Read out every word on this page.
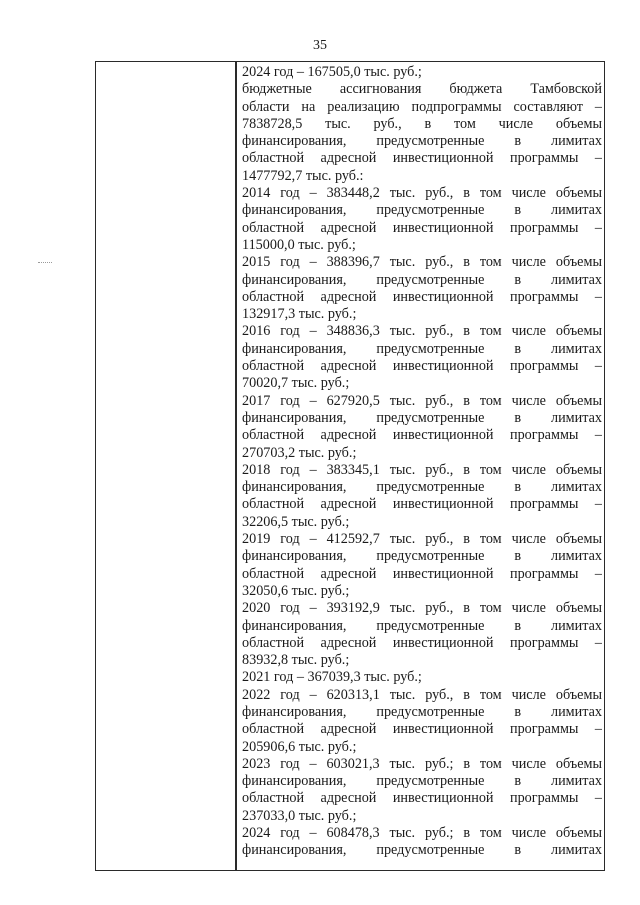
35
2024 год – 167505,0 тыс. руб.;
бюджетные ассигнования бюджета Тамбовской
области на реализацию подпрограммы составляют –
7838728,5 тыс. руб., в том числе объемы
финансирования, предусмотренные в лимитах
областной адресной инвестиционной программы –
1477792,7 тыс. руб.:
2014 год – 383448,2 тыс. руб., в том числе объемы
финансирования, предусмотренные в лимитах
областной адресной инвестиционной программы –
115000,0 тыс. руб.;
2015 год – 388396,7 тыс. руб., в том числе объемы
финансирования, предусмотренные в лимитах
областной адресной инвестиционной программы –
132917,3 тыс. руб.;
2016 год – 348836,3 тыс. руб., в том числе объемы
финансирования, предусмотренные в лимитах
областной адресной инвестиционной программы –
70020,7 тыс. руб.;
2017 год – 627920,5 тыс. руб., в том числе объемы
финансирования, предусмотренные в лимитах
областной адресной инвестиционной программы –
270703,2 тыс. руб.;
2018 год – 383345,1 тыс. руб., в том числе объемы
финансирования, предусмотренные в лимитах
областной адресной инвестиционной программы –
32206,5 тыс. руб.;
2019 год – 412592,7 тыс. руб., в том числе объемы
финансирования, предусмотренные в лимитах
областной адресной инвестиционной программы –
32050,6 тыс. руб.;
2020 год – 393192,9 тыс. руб., в том числе объемы
финансирования, предусмотренные в лимитах
областной адресной инвестиционной программы –
83932,8 тыс. руб.;
2021 год – 367039,3 тыс. руб.;
2022 год – 620313,1 тыс. руб., в том числе объемы
финансирования, предусмотренные в лимитах
областной адресной инвестиционной программы –
205906,6 тыс. руб.;
2023 год – 603021,3 тыс. руб.; в том числе объемы
финансирования, предусмотренные в лимитах
областной адресной инвестиционной программы –
237033,0 тыс. руб.;
2024 год – 608478,3 тыс. руб.; в том числе объемы
финансирования, предусмотренные в лимитах
